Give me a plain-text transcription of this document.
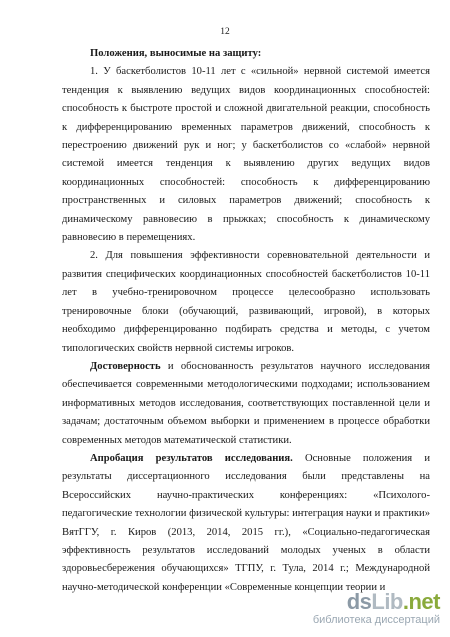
12

Положения, выносимые на защиту:

1. У баскетболистов 10-11 лет с «сильной» нервной системой имеется тенденция к выявлению ведущих видов координационных способностей: способность к быстроте простой и сложной двигательной реакции, способность к дифференцированию временных параметров движений, способность к перестроению движений рук и ног; у баскетболистов со «слабой» нервной системой имеется тенденция к выявлению других ведущих видов координационных способностей: способность к дифференцированию пространственных и силовых параметров движений; способность к динамическому равновесию в прыжках; способность к динамическому равновесию в перемещениях.

2. Для повышения эффективности соревновательной деятельности и развития специфических координационных способностей баскетболистов 10-11 лет в учебно-тренировочном процессе целесообразно использовать тренировочные блоки (обучающий, развивающий, игровой), в которых необходимо дифференцированно подбирать средства и методы, с учетом типологических свойств нервной системы игроков.

Достоверность и обоснованность результатов научного исследования обеспечивается современными методологическими подходами; использованием информативных методов исследования, соответствующих поставленной цели и задачам; достаточным объемом выборки и применением в процессе обработки современных методов математической статистики.

Апробация результатов исследования. Основные положения и результаты диссертационного исследования были представлены на Всероссийских научно-практических конференциях: «Психолого-педагогические технологии физической культуры: интеграция науки и практики» ВятГГУ, г. Киров (2013, 2014, 2015 гг.), «Социально-педагогическая эффективность результатов исследований молодых ученых в области здоровьесбережения обучающихся» ТГПУ, г. Тула, 2014 г.; Международной научно-методической конференции «Современные концепции теории и

dsLib.net
библиотека диссертаций
